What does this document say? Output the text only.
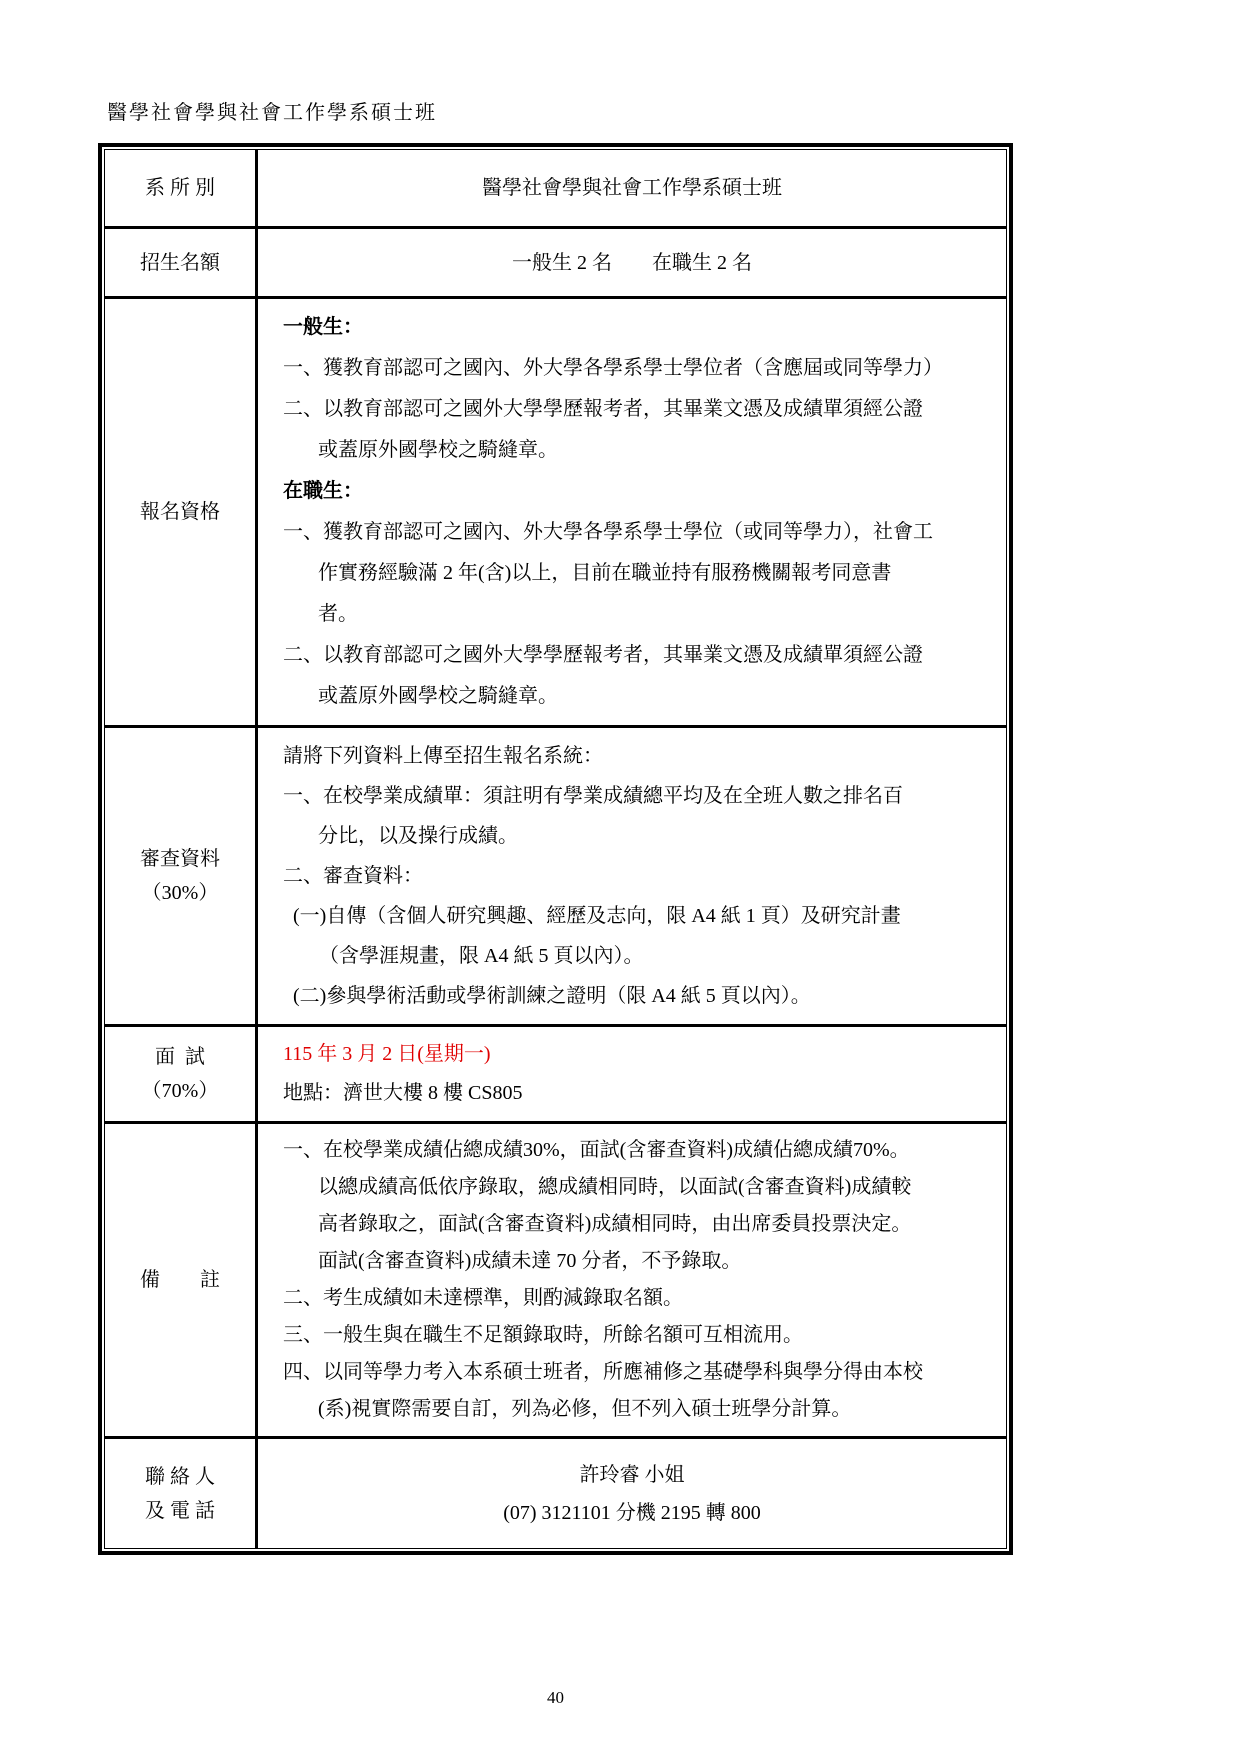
醫學社會學與社會工作學系碩士班
系 所 別	醫學社會學與社會工作學系碩士班
招生名額	一般生 2 名　　在職生 2 名
報名資格
一般生：
一、獲教育部認可之國內、外大學各學系學士學位者（含應屆或同等學力）
二、以教育部認可之國外大學學歷報考者，其畢業文憑及成績單須經公證
或蓋原外國學校之騎縫章。
在職生：
一、獲教育部認可之國內、外大學各學系學士學位（或同等學力），社會工
作實務經驗滿 2 年(含)以上，目前在職並持有服務機關報考同意書
者。
二、以教育部認可之國外大學學歷報考者，其畢業文憑及成績單須經公證
或蓋原外國學校之騎縫章。
審查資料
（30%）
請將下列資料上傳至招生報名系統：
一、在校學業成績單：須註明有學業成績總平均及在全班人數之排名百
分比，以及操行成績。
二、審查資料：
(一)自傳（含個人研究興趣、經歷及志向，限 A4 紙 1 頁）及研究計畫
（含學涯規畫，限 A4 紙 5 頁以內）。
(二)參與學術活動或學術訓練之證明（限 A4 紙 5 頁以內）。
面  試
（70%）
115 年 3 月 2 日(星期一)
地點：濟世大樓 8 樓 CS805
備　　註
一、在校學業成績佔總成績30%，面試(含審查資料)成績佔總成績70%。
以總成績高低依序錄取，總成績相同時，以面試(含審查資料)成績較
高者錄取之，面試(含審查資料)成績相同時，由出席委員投票決定。
面試(含審查資料)成績未達 70 分者，不予錄取。
二、考生成績如未達標準，則酌減錄取名額。
三、一般生與在職生不足額錄取時，所餘名額可互相流用。
四、以同等學力考入本系碩士班者，所應補修之基礎學科與學分得由本校
(系)視實際需要自訂，列為必修，但不列入碩士班學分計算。
聯 絡 人
及 電 話
許玲睿 小姐
(07) 3121101 分機 2195 轉 800
40
